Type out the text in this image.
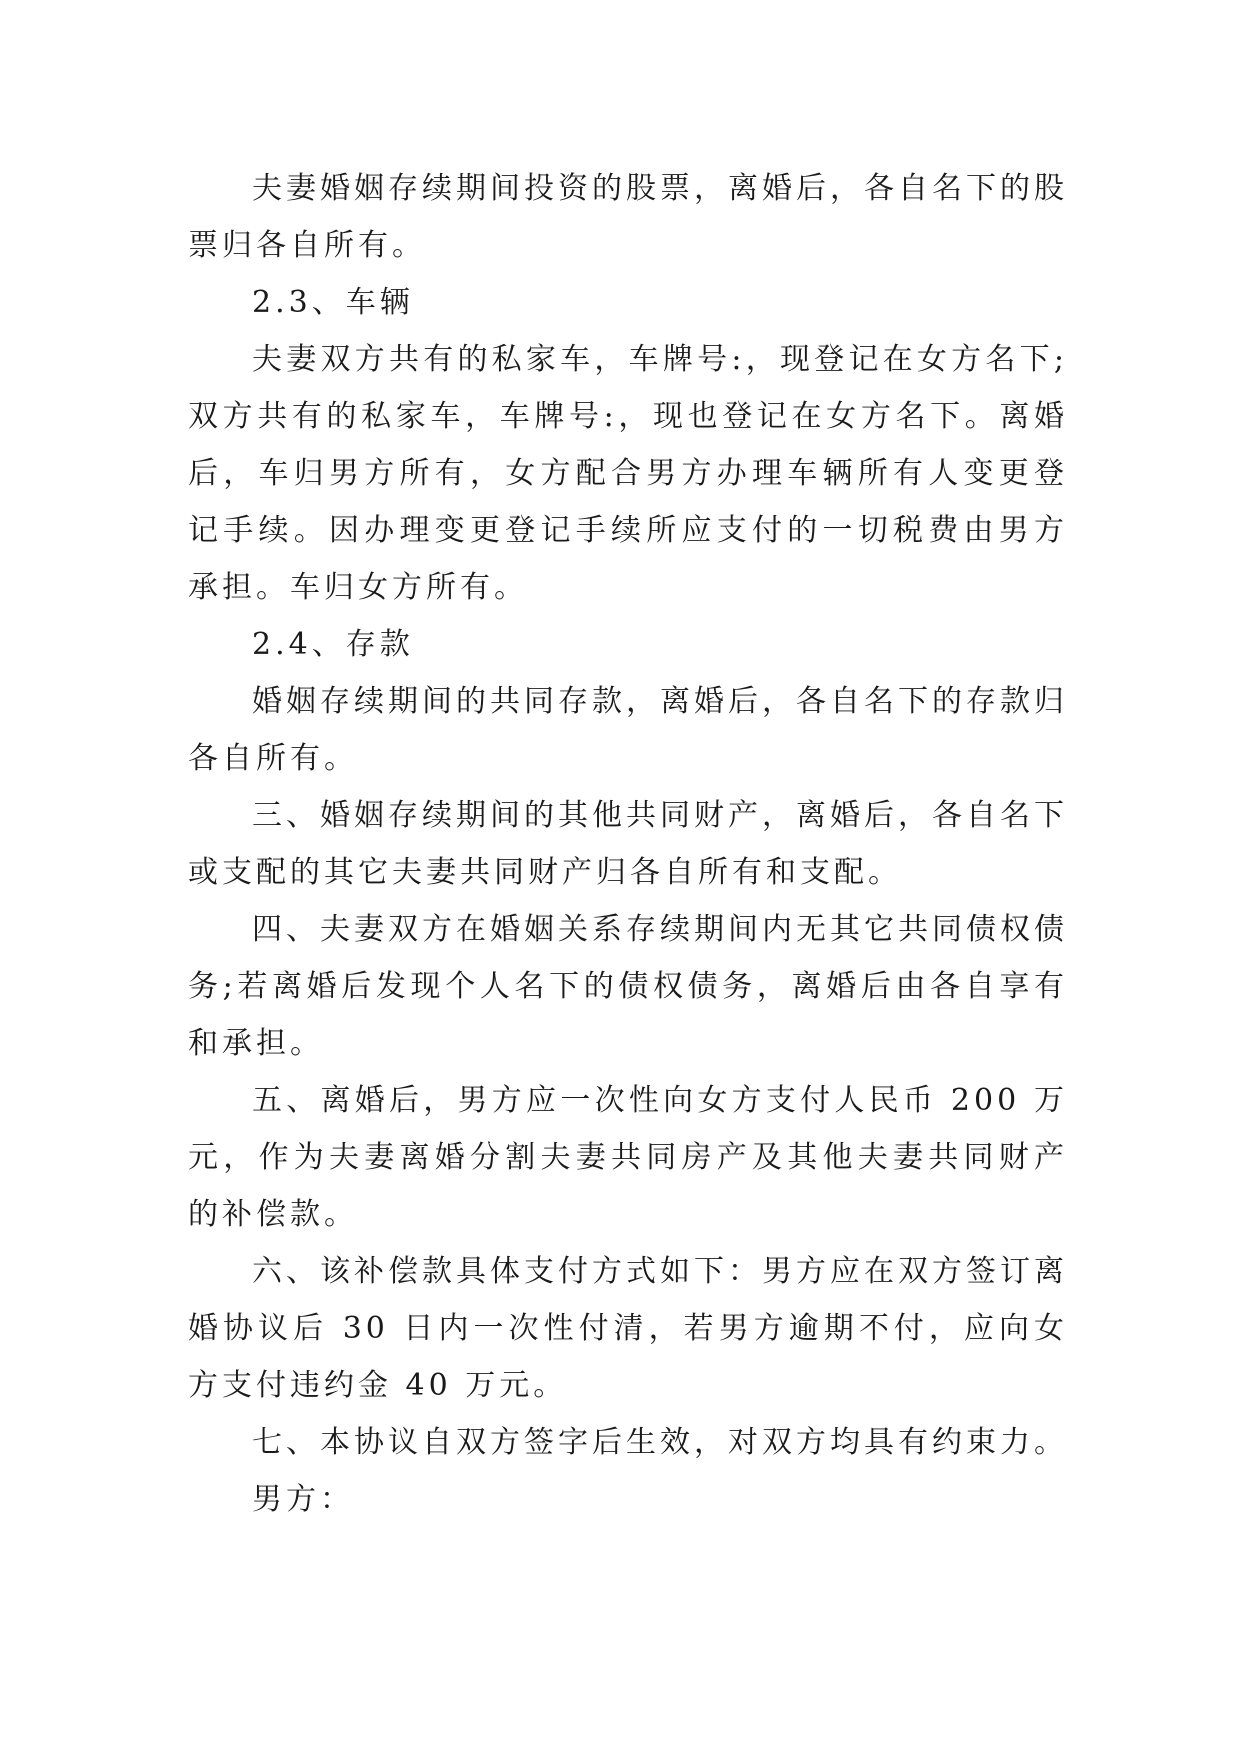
夫妻婚姻存续期间投资的股票，离婚后，各自名下的股票归各自所有。

2.3、车辆

夫妻双方共有的私家车，车牌号:，现登记在女方名下;双方共有的私家车，车牌号:，现也登记在女方名下。离婚后，车归男方所有，女方配合男方办理车辆所有人变更登记手续。因办理变更登记手续所应支付的一切税费由男方承担。车归女方所有。

2.4、存款

婚姻存续期间的共同存款，离婚后，各自名下的存款归各自所有。

三、婚姻存续期间的其他共同财产，离婚后，各自名下或支配的其它夫妻共同财产归各自所有和支配。

四、夫妻双方在婚姻关系存续期间内无其它共同债权债务;若离婚后发现个人名下的债权债务，离婚后由各自享有和承担。

五、离婚后，男方应一次性向女方支付人民币 200 万元，作为夫妻离婚分割夫妻共同房产及其他夫妻共同财产的补偿款。

六、该补偿款具体支付方式如下：男方应在双方签订离婚协议后 30 日内一次性付清，若男方逾期不付，应向女方支付违约金 40 万元。

七、本协议自双方签字后生效，对双方均具有约束力。

男方：
